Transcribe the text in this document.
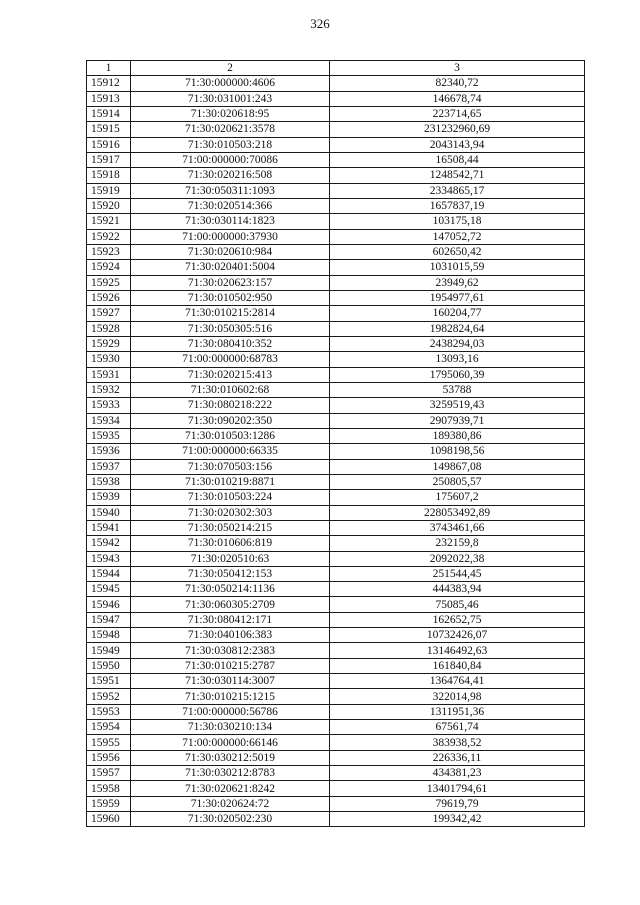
326
1	2	3
15912	71:30:000000:4606	82340,72
15913	71:30:031001:243	146678,74
15914	71:30:020618:95	223714,65
15915	71:30:020621:3578	231232960,69
15916	71:30:010503:218	2043143,94
15917	71:00:000000:70086	16508,44
15918	71:30:020216:508	1248542,71
15919	71:30:050311:1093	2334865,17
15920	71:30:020514:366	1657837,19
15921	71:30:030114:1823	103175,18
15922	71:00:000000:37930	147052,72
15923	71:30:020610:984	602650,42
15924	71:30:020401:5004	1031015,59
15925	71:30:020623:157	23949,62
15926	71:30:010502:950	1954977,61
15927	71:30:010215:2814	160204,77
15928	71:30:050305:516	1982824,64
15929	71:30:080410:352	2438294,03
15930	71:00:000000:68783	13093,16
15931	71:30:020215:413	1795060,39
15932	71:30:010602:68	53788
15933	71:30:080218:222	3259519,43
15934	71:30:090202:350	2907939,71
15935	71:30:010503:1286	189380,86
15936	71:00:000000:66335	1098198,56
15937	71:30:070503:156	149867,08
15938	71:30:010219:8871	250805,57
15939	71:30:010503:224	175607,2
15940	71:30:020302:303	228053492,89
15941	71:30:050214:215	3743461,66
15942	71:30:010606:819	232159,8
15943	71:30:020510:63	2092022,38
15944	71:30:050412:153	251544,45
15945	71:30:050214:1136	444383,94
15946	71:30:060305:2709	75085,46
15947	71:30:080412:171	162652,75
15948	71:30:040106:383	10732426,07
15949	71:30:030812:2383	13146492,63
15950	71:30:010215:2787	161840,84
15951	71:30:030114:3007	1364764,41
15952	71:30:010215:1215	322014,98
15953	71:00:000000:56786	1311951,36
15954	71:30:030210:134	67561,74
15955	71:00:000000:66146	383938,52
15956	71:30:030212:5019	226336,11
15957	71:30:030212:8783	434381,23
15958	71:30:020621:8242	13401794,61
15959	71:30:020624:72	79619,79
15960	71:30:020502:230	199342,42
